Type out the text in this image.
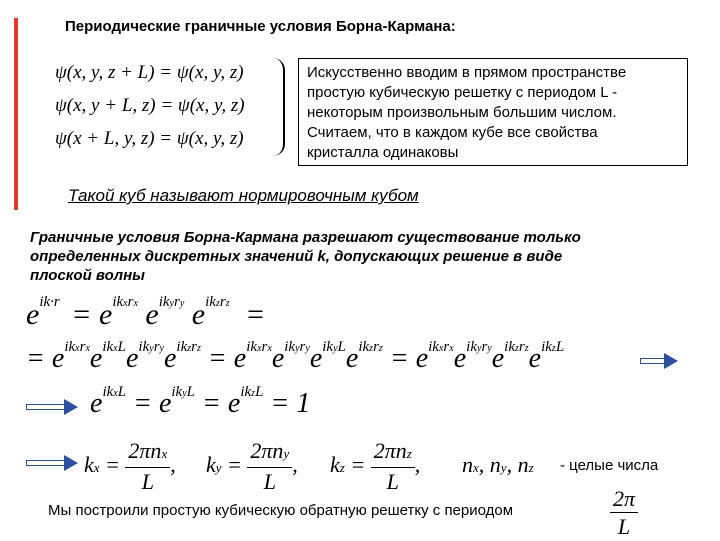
Периодические граничные условия Борна-Кармана:
ψ(x, y, z + L) = ψ(x, y, z)
ψ(x, y + L, z) = ψ(x, y, z)
ψ(x + L, y, z) = ψ(x, y, z)
Искусственно вводим в прямом пространстве
простую кубическую решетку с периодом L -
некоторым произвольным большим числом.
Считаем, что в каждом кубе все свойства
кристалла одинаковы
Такой куб называют нормировочным кубом
Граничные условия Борна-Кармана разрешают существование только
определенных дискретных значений k, допускающих решение в виде
плоской волны
$e^{ik\cdot r} = e^{ikxrx}$ $e^{ikyry}$ $e^{ikzrz}$ =
= $e^{ikxrx}e^{ikxL}e^{ikyry}e^{ikzrz} = e^{ikxrx}e^{ikyry}e^{ikyL}e^{ikzrz} = e^{ikxrx}e^{ikyry}e^{ikzrz}e^{ikzL}$
$e^{ikxL} = e^{ikyL} = e^{ikzL} = 1$
kx = $\frac{\text{2πnx}}{L}$ , ky = $\frac{\text{2πny}}{L}$ , kz = $\frac{\text{2πnz}}{L}$ , nx, ny, nz - целые числа
Мы построили простую кубическую обратную решетку с периодом	$\frac{2\pi}{L}$
